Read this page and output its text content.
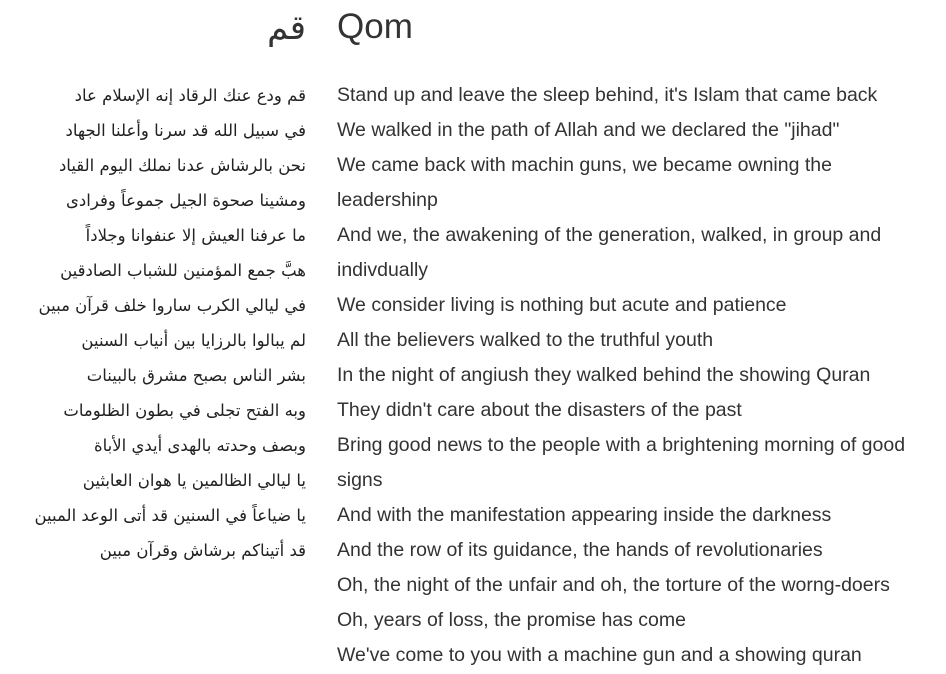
قم
قم ودع عنك الرقاد إنه الإسلام عاد
في سبيل الله قد سرنا وأعلنا الجهاد
نحن بالرشاش عدنا نملك اليوم القياد
ومشينا صحوة الجيل جموعاً وفرادى
ما عرفنا العيش إلا عنفوانا وجلاداً
هبَّ جمع المؤمنين للشباب الصادقين
في ليالي الكرب ساروا خلف قرآن مبين
لم يبالوا بالرزايا بين أنياب السنين
بشر الناس بصبح مشرق بالبينات
وبه الفتح تجلى في بطون الظلومات
وبصف وحدته بالهدى أيدي الأباة
يا ليالي الظالمين يا هوان العابثين
يا ضياعاً في السنين قد أتى الوعد المبين
قد أتيناكم برشاش وقرآن مبين
Qom
Stand up and leave the sleep behind, it's Islam that came back
We walked in the path of Allah and we declared the "jihad"
We came back with machin guns, we became owning the
leadershinp
And we, the awakening of the generation, walked, in group and
indivdually
We consider living is nothing but acute and patience
All the believers walked to the truthful youth
In the night of angiush they walked behind the showing Quran
They didn't care about the disasters of the past
Bring good news to the people with a brightening morning of good
signs
And with the manifestation appearing inside the darkness
And the row of its guidance, the hands of revolutionaries
Oh, the night of the unfair and oh, the torture of the worng-doers
Oh, years of loss, the promise has come
We've come to you with a machine gun and a showing quran
